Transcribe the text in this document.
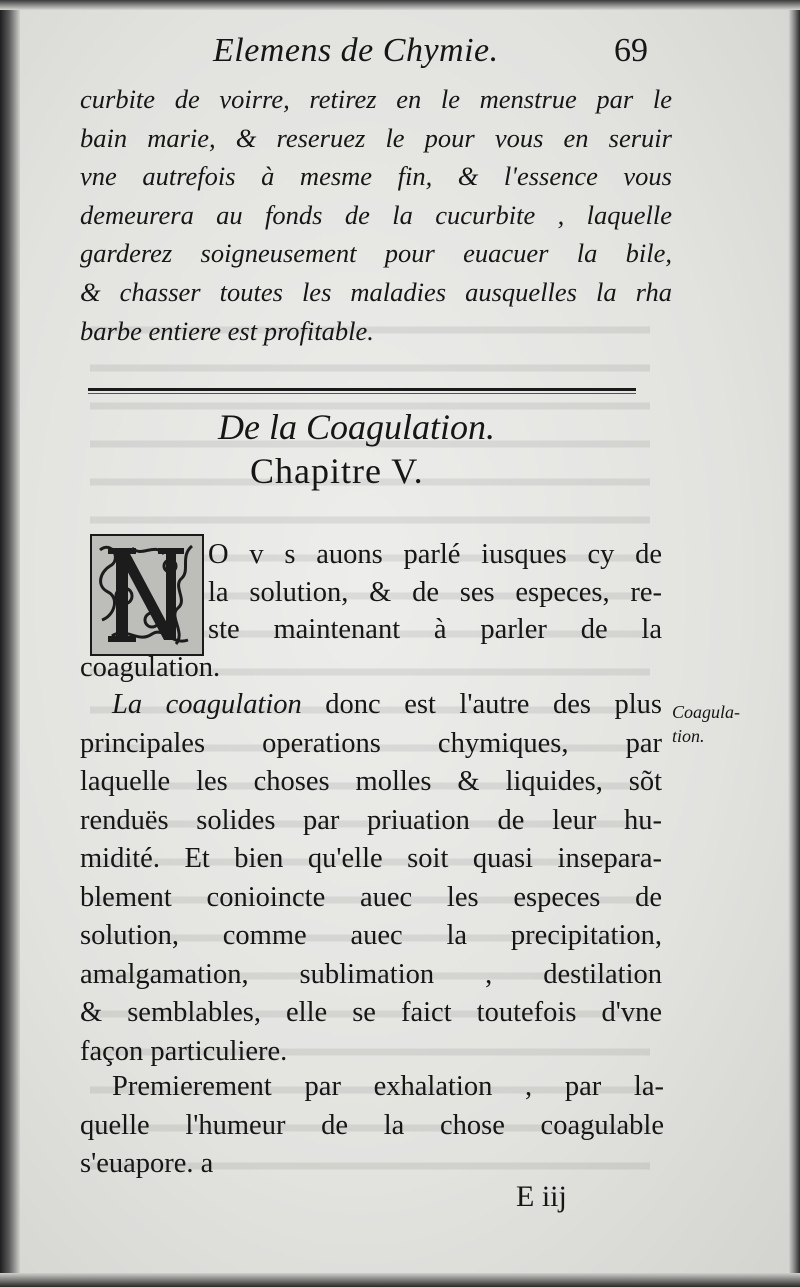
Elemens de Chymie.	69
curbite de voirre, retirez en le menstrue par le
bain marie, & reseruez le pour vous en seruir
vne autrefois à mesme fin, & l'essence vous
demeurera au fonds de la cucurbite , laquelle
garderez soigneusement pour euacuer la bile,
& chasser toutes les maladies ausquelles la rha
barbe entiere est profitable.
De la Coagulation.
Chapitre V.
O v s auons parlé iusques cy de
la solution, & de ses especes, re-
ste maintenant à parler de la
coagulation.
La coagulation donc est l'autre des plus
principales operations chymiques, par
laquelle les choses molles & liquides, sõt
renduës solides par priuation de leur hu-
midité. Et bien qu'elle soit quasi insepara-
blement conioincte auec les especes de
solution, comme auec la precipitation,
amalgamation, sublimation , destilation
& semblables, elle se faict toutefois d'vne
façon particuliere.
Coagula-
tion.
Premierement par exhalation , par la-
quelle l'humeur de la chose coagulable
s'euapore. a
E iij
